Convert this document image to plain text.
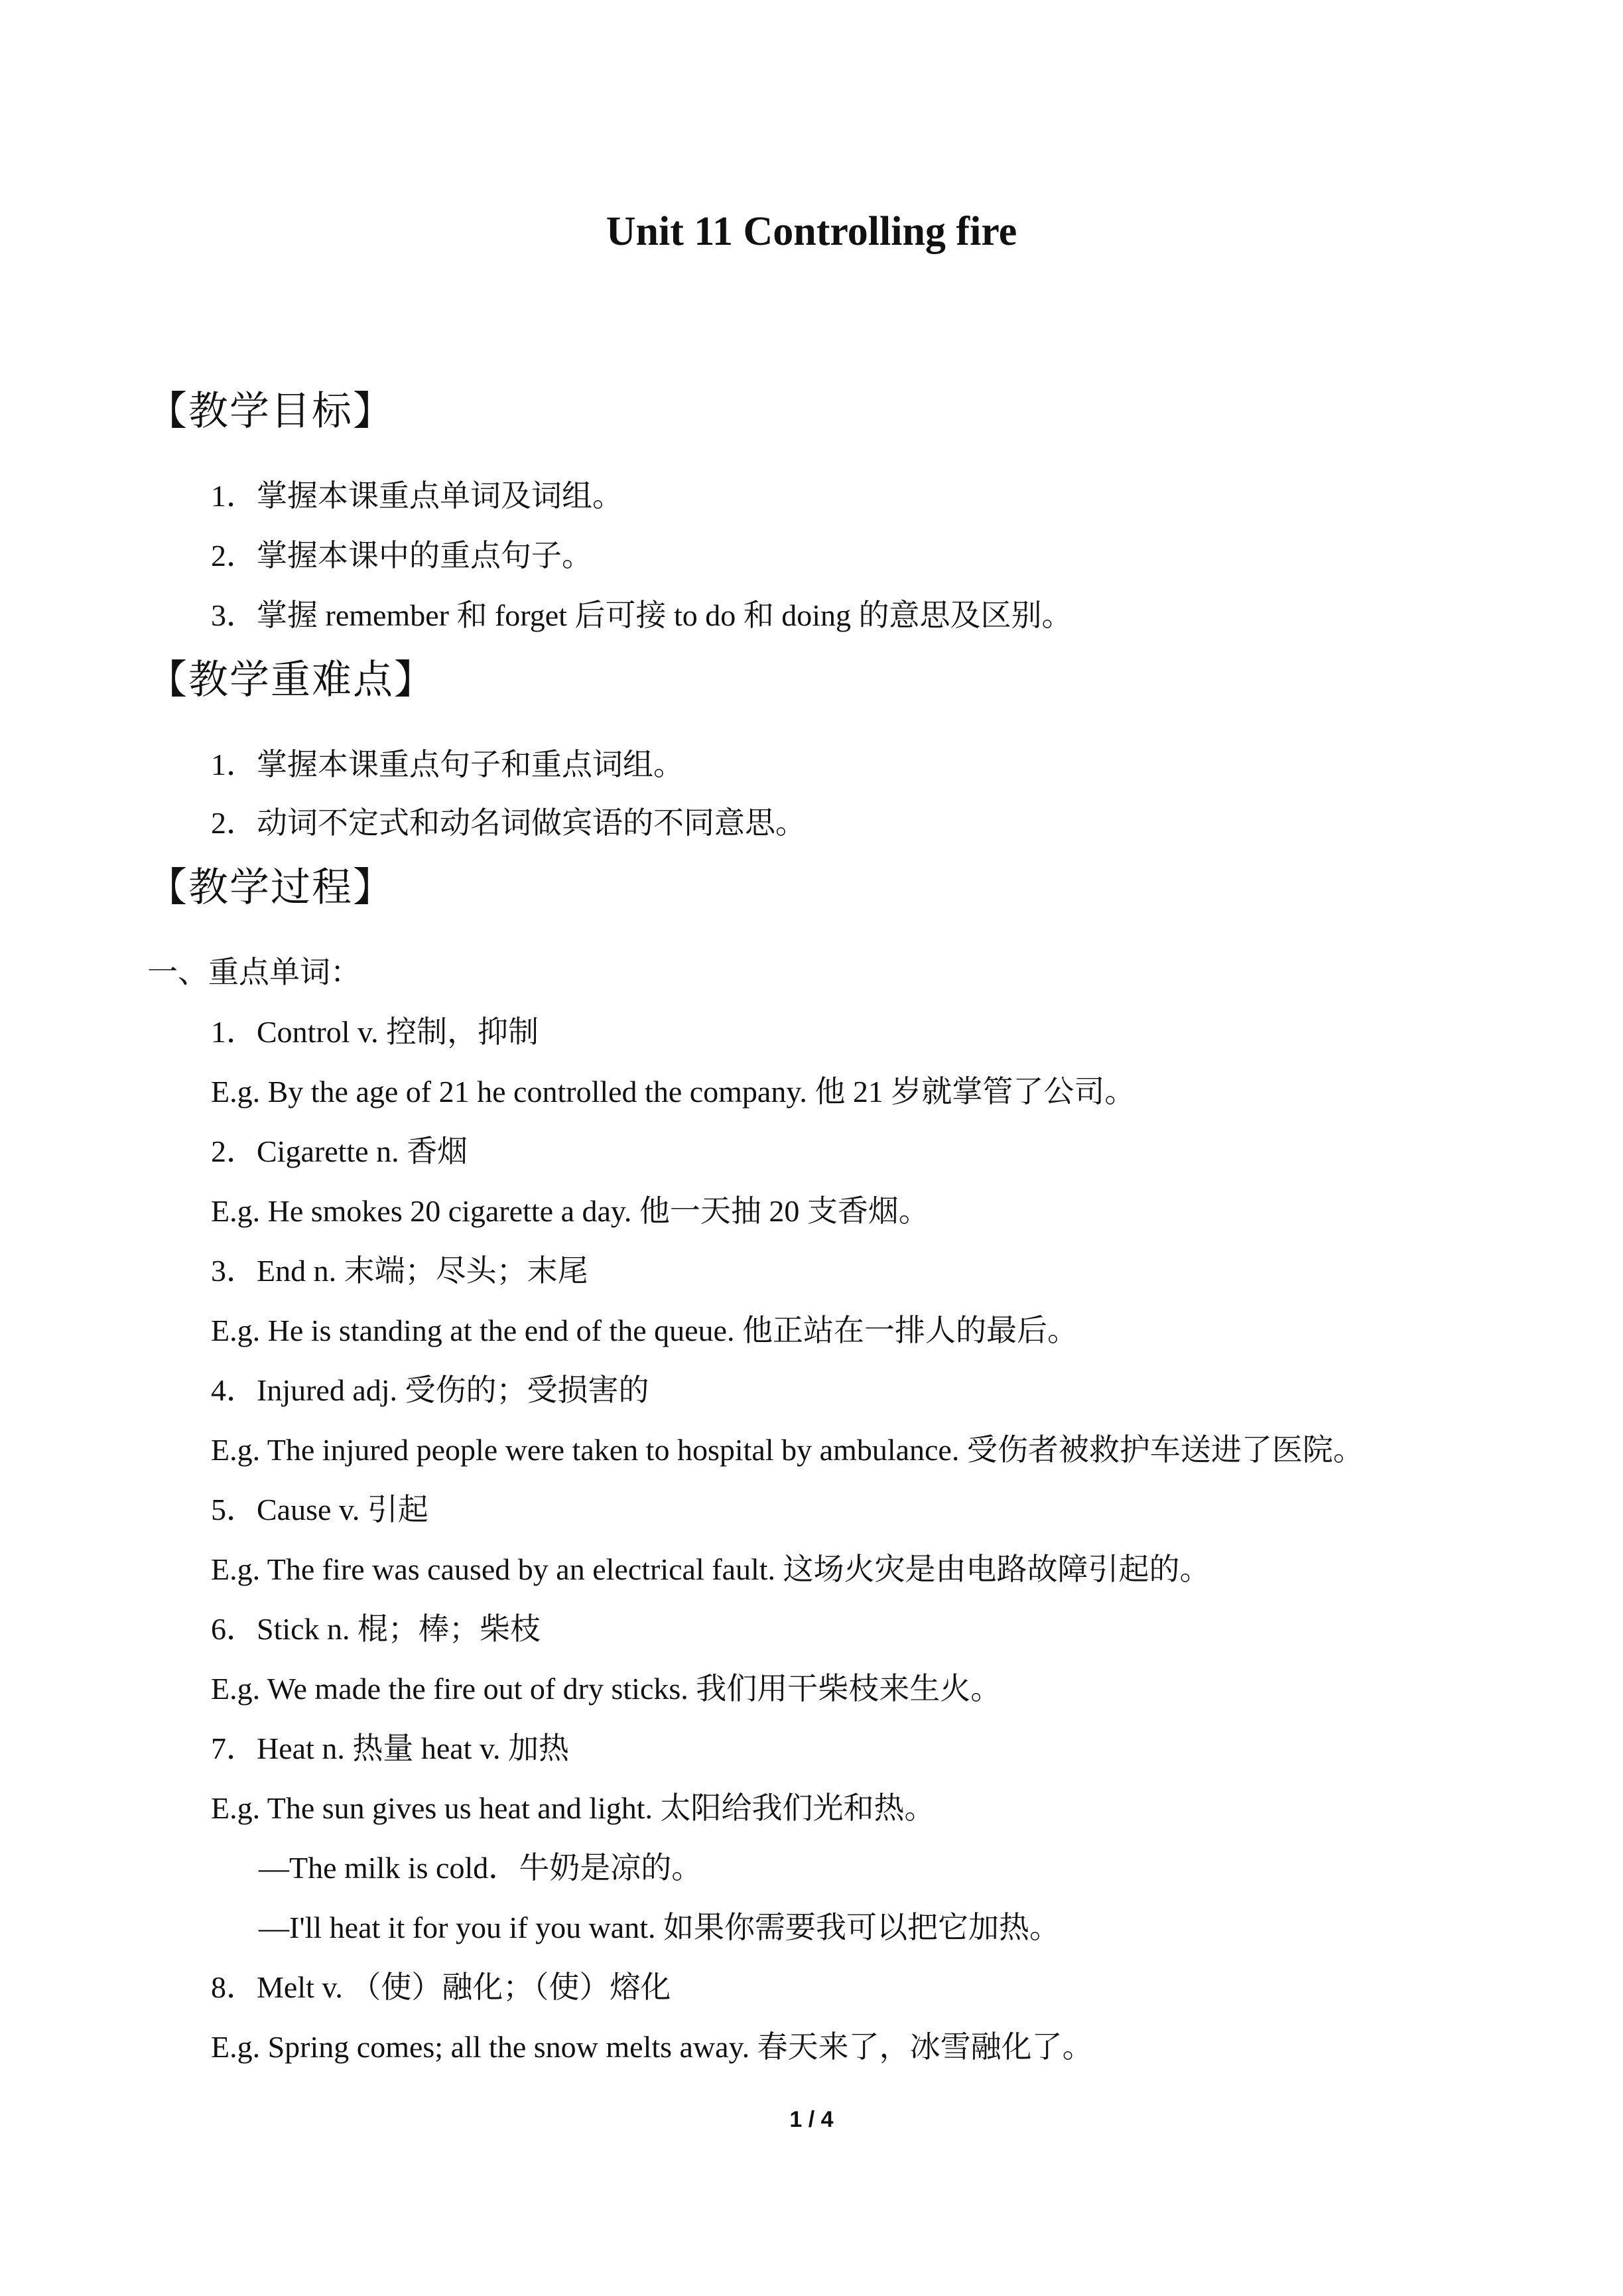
Unit 11 Controlling fire
【教学目标】
1．掌握本课重点单词及词组。
2．掌握本课中的重点句子。
3．掌握 remember 和 forget 后可接 to do 和 doing 的意思及区别。
【教学重难点】
1．掌握本课重点句子和重点词组。
2．动词不定式和动名词做宾语的不同意思。
【教学过程】
一、重点单词：
1．Control v. 控制，抑制
E.g. By the age of 21 he controlled the company. 他 21 岁就掌管了公司。
2．Cigarette n. 香烟
E.g. He smokes 20 cigarette a day. 他一天抽 20 支香烟。
3．End n. 末端；尽头；末尾
E.g. He is standing at the end of the queue. 他正站在一排人的最后。
4．Injured adj. 受伤的；受损害的
E.g. The injured people were taken to hospital by ambulance. 受伤者被救护车送进了医院。
5．Cause v. 引起
E.g. The fire was caused by an electrical fault. 这场火灾是由电路故障引起的。
6．Stick n. 棍；棒；柴枝
E.g. We made the fire out of dry sticks. 我们用干柴枝来生火。
7．Heat n. 热量 heat v. 加热
E.g. The sun gives us heat and light. 太阳给我们光和热。
—The milk is cold．牛奶是凉的。
—I'll heat it for you if you want. 如果你需要我可以把它加热。
8．Melt v. （使）融化；（使）熔化
E.g. Spring comes; all the snow melts away. 春天来了，冰雪融化了。
1 / 4
